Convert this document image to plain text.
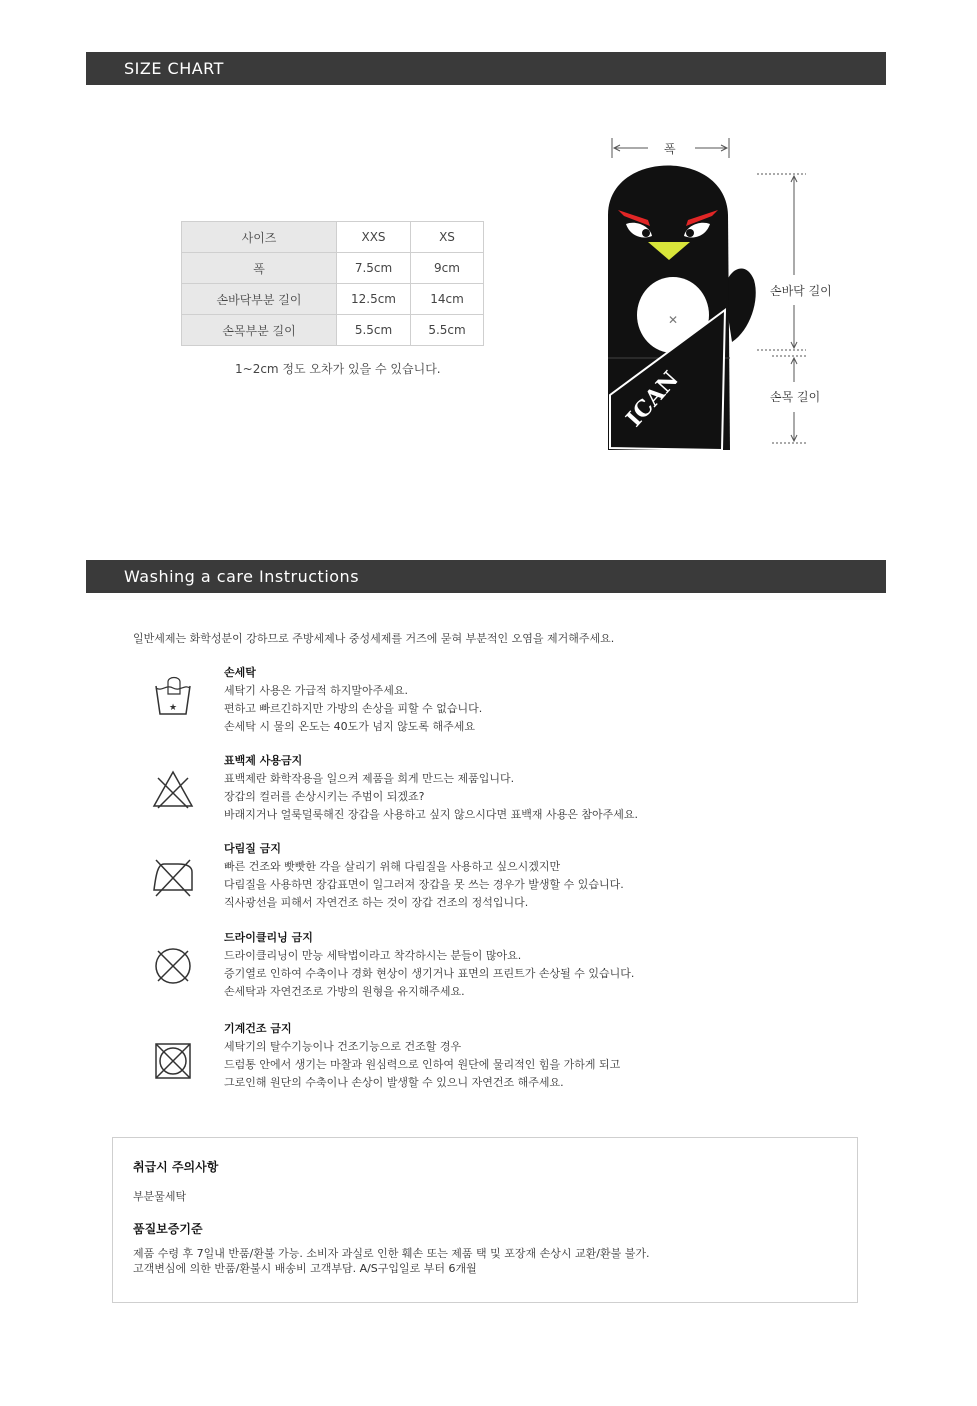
SIZE CHART
사이즈	XXS	XS
폭	7.5cm	9cm
손바닥부분 길이	12.5cm	14cm
손목부분 길이	5.5cm	5.5cm
1~2cm 정도 오차가 있을 수 있습니다.
✕
ICAN
폭
손바닥 길이
손목 길이
Washing a care Instructions
일반세제는 화학성분이 강하므로 주방세제나 중성세제를 거즈에 묻혀 부분적인 오염을 제거해주세요.
★
손세탁
세탁기 사용은 가급적 하지말아주세요.
편하고 빠르긴하지만 가방의 손상을 피할 수 없습니다.
손세탁 시 물의 온도는 40도가 넘지 않도록 해주세요
표백제 사용금지
표백제란 화학작용을 일으켜 제품을 희게 만드는 제품입니다.
장갑의 컬러를 손상시키는 주범이 되겠죠?
바래지거나 얼룩덜룩해진 장갑을 사용하고 싶지 않으시다면 표백재 사용은 참아주세요.
다림질 금지
빠른 건조와 빳빳한 각을 살리기 위해 다림질을 사용하고 싶으시겠지만
다림질을 사용하면 장갑표면이 일그러져 장갑을 못 쓰는 경우가 발생할 수 있습니다.
직사광선을 피해서 자연건조 하는 것이 장갑 건조의 정석입니다.
드라이클리닝 금지
드라이클리닝이 만능 세탁법이라고 착각하시는 분들이 많아요.
증기열로 인하여 수축이나 경화 현상이 생기거나 표면의 프린트가 손상될 수 있습니다.
손세탁과 자연건조로 가방의 원형을 유지해주세요.
기계건조 금지
세탁기의 탈수기능이나 건조기능으로 건조할 경우
드럼통 안에서 생기는 마찰과 원심력으로 인하여 원단에 물리적인 힘을 가하게 되고
그로인해 원단의 수축이나 손상이 발생할 수 있으니 자연건조 해주세요.
취급시 주의사항
부분물세탁
품질보증기준
제품 수령 후 7일내 반품/환불 가능. 소비자 과실로 인한 훼손 또는 제품 택 및 포장재 손상시 교환/환불 불가.
고객변심에 의한 반품/환불시 배송비 고객부담. A/S구입일로 부터 6개월
